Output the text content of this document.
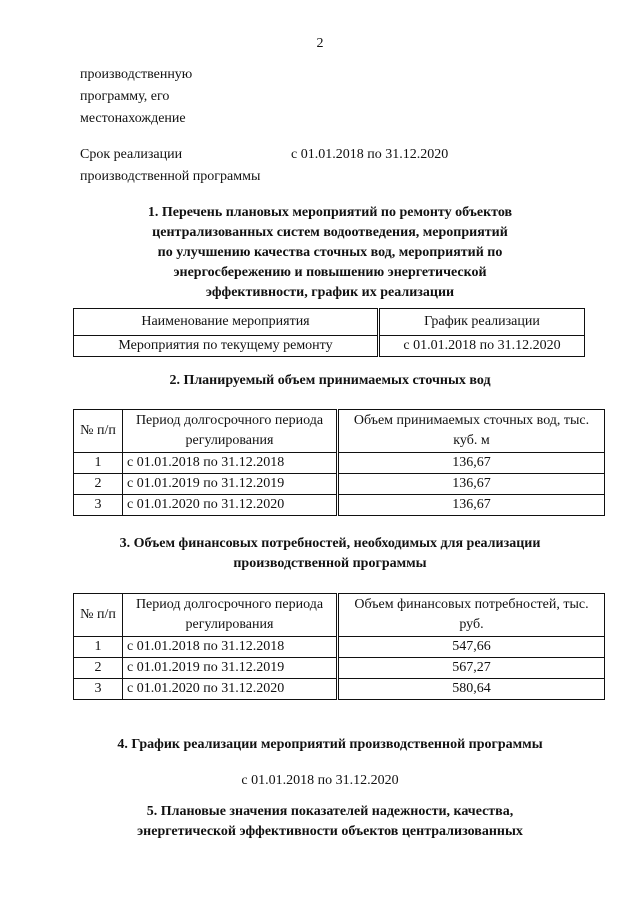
2
производственную
программу, его
местонахождение
Срок реализации
производственной программы
с 01.01.2018 по 31.12.2020
1. Перечень плановых мероприятий по ремонту объектов
централизованных систем водоотведения, мероприятий
по улучшению качества сточных вод, мероприятий по
энергосбережению и повышению энергетической
эффективности, график их реализации
Наименование мероприятия	График реализации
Мероприятия по текущему ремонту	с 01.01.2018 по 31.12.2020
2. Планируемый объем принимаемых сточных вод
№ п/п	Период долгосрочного периода регулирования	Объем принимаемых сточных вод, тыс. куб. м
1	с 01.01.2018 по 31.12.2018	136,67
2	с 01.01.2019 по 31.12.2019	136,67
3	с 01.01.2020 по 31.12.2020	136,67
3. Объем финансовых потребностей, необходимых для реализации
производственной программы
№ п/п	Период долгосрочного периода регулирования	Объем финансовых потребностей, тыс. руб.
1	с 01.01.2018 по 31.12.2018	547,66
2	с 01.01.2019 по 31.12.2019	567,27
3	с 01.01.2020 по 31.12.2020	580,64
4. График реализации мероприятий производственной программы
с 01.01.2018 по 31.12.2020
5. Плановые значения показателей надежности, качества,
энергетической эффективности объектов централизованных
